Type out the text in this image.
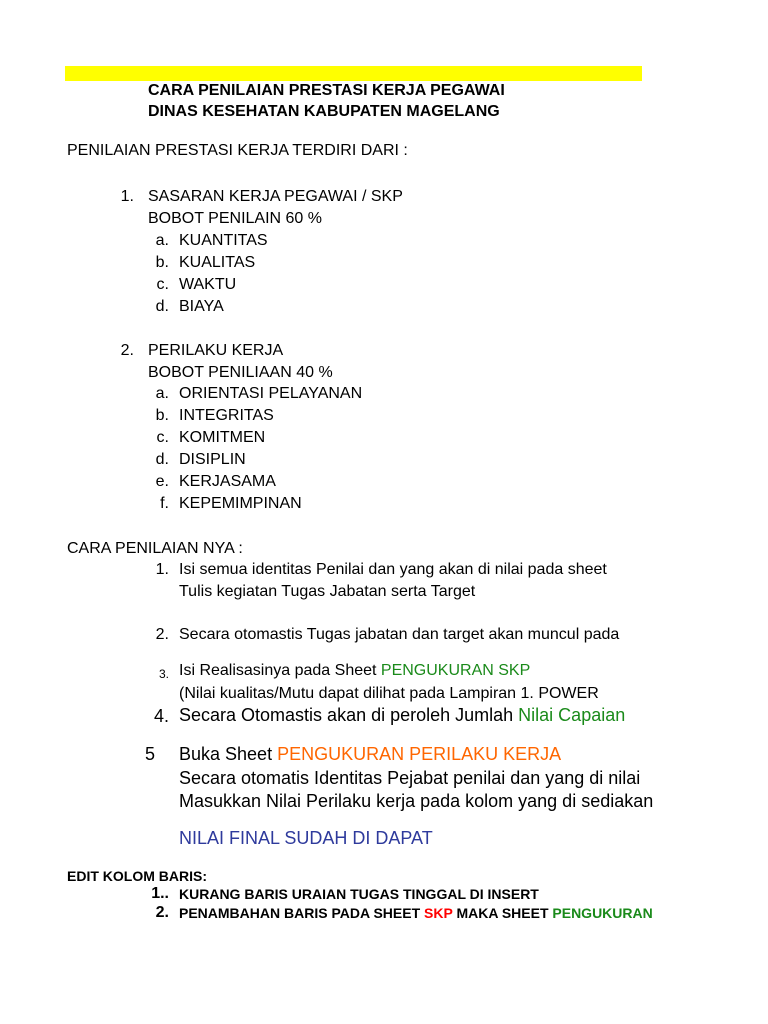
CARA PENILAIAN PRESTASI KERJA PEGAWAI
DINAS KESEHATAN KABUPATEN MAGELANG
PENILAIAN PRESTASI KERJA TERDIRI DARI :
1. SASARAN KERJA PEGAWAI / SKP
BOBOT PENILAIN 60 %
a. KUANTITAS
b. KUALITAS
c. WAKTU
d. BIAYA
2. PERILAKU KERJA
BOBOT PENILIAAN 40 %
a. ORIENTASI PELAYANAN
b. INTEGRITAS
c. KOMITMEN
d. DISIPLIN
e. KERJASAMA
f. KEPEMIMPINAN
CARA PENILAIAN NYA :
1. Isi semua identitas Penilai dan yang akan di nilai pada sheet
Tulis kegiatan Tugas Jabatan serta Target
2. Secara otomastis Tugas jabatan dan target akan muncul pada
3. Isi Realisasinya pada Sheet PENGUKURAN SKP
(Nilai kualitas/Mutu dapat dilihat pada Lampiran 1. POWER
4. Secara Otomastis akan di peroleh Jumlah Nilai Capaian
5	Buka Sheet PENGUKURAN PERILAKU KERJA
Secara otomatis Identitas Pejabat penilai dan yang di nilai
Masukkan Nilai Perilaku kerja pada kolom yang di sediakan
NILAI FINAL SUDAH DI DAPAT
EDIT KOLOM BARIS:
1.. KURANG BARIS URAIAN TUGAS TINGGAL DI INSERT
2. PENAMBAHAN BARIS PADA SHEET SKP MAKA SHEET PENGUKURAN
